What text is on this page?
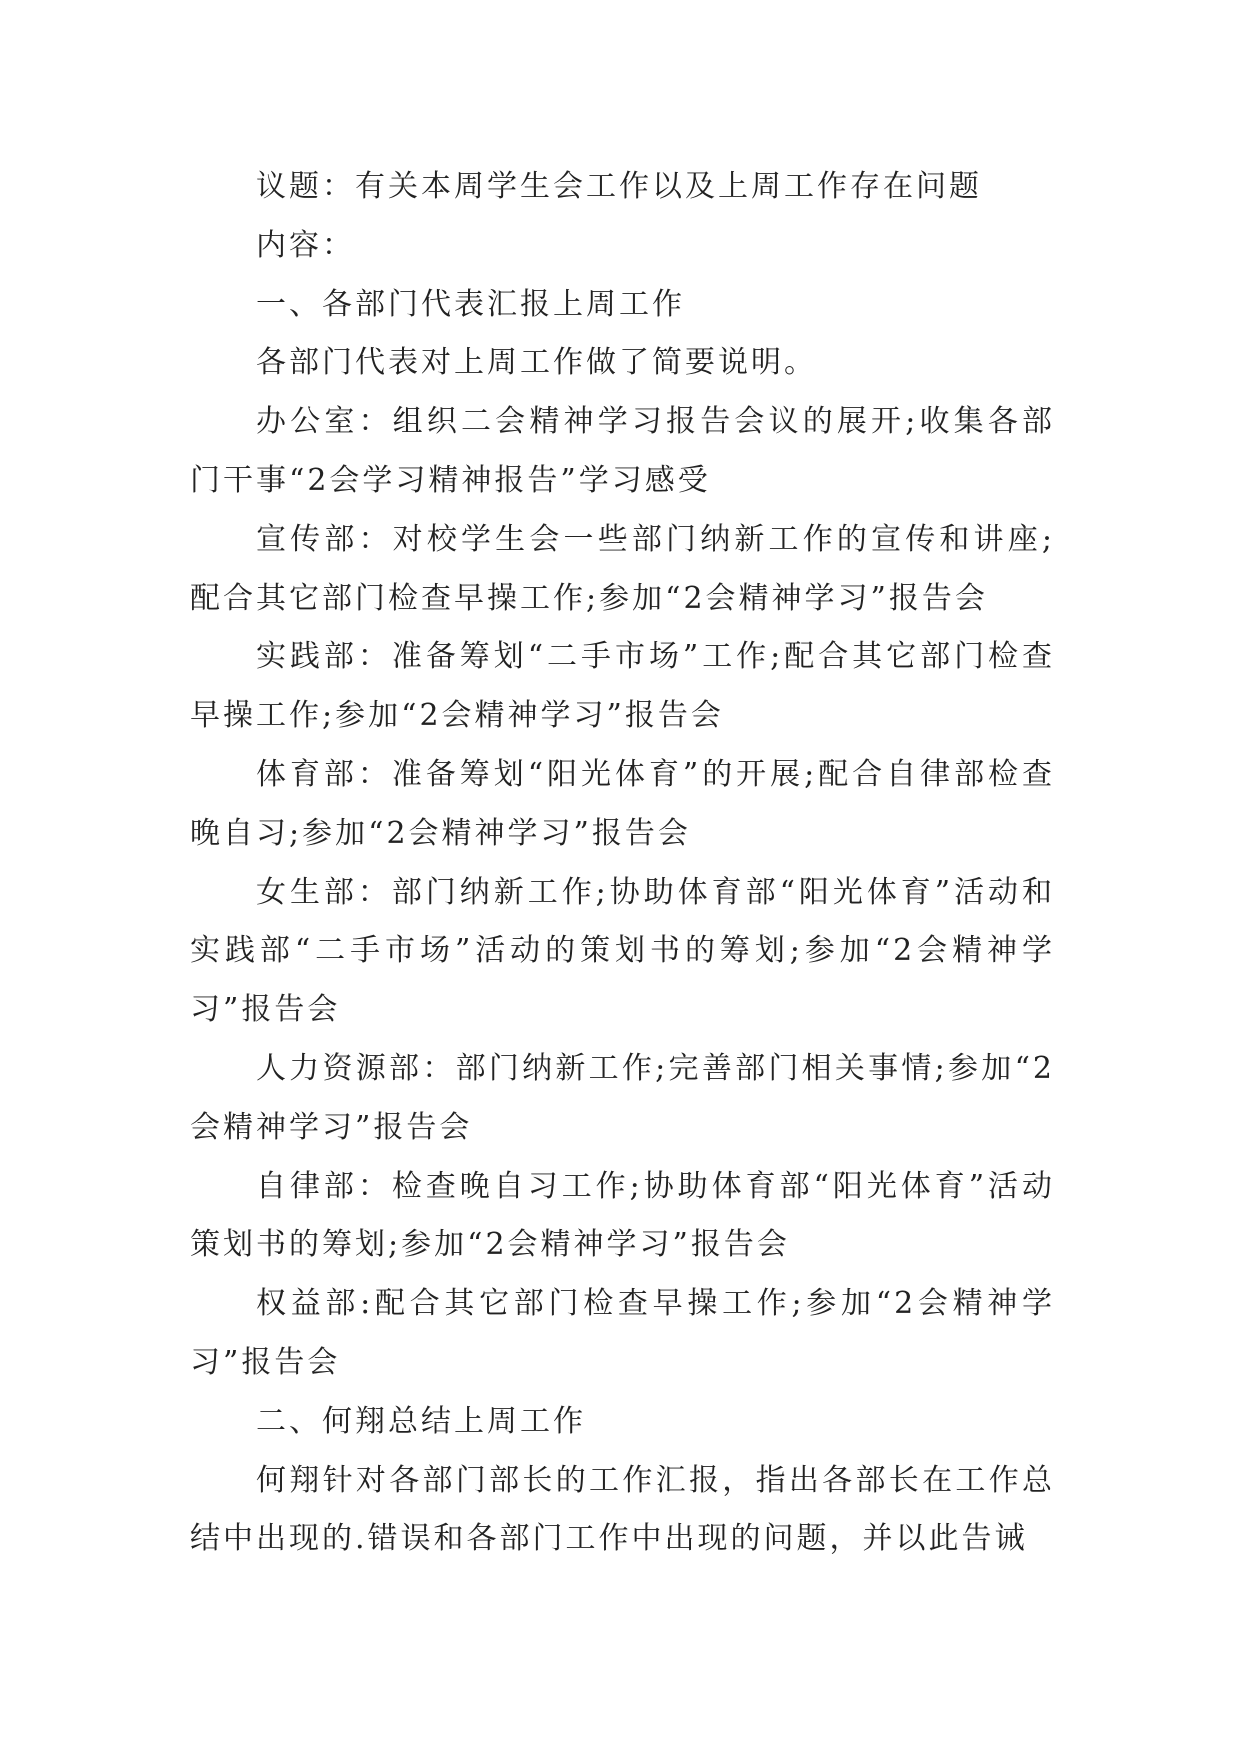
议题：有关本周学生会工作以及上周工作存在问题

内容：

一、各部门代表汇报上周工作

各部门代表对上周工作做了简要说明。

办公室：组织二会精神学习报告会议的展开;收集各部门干事“2会学习精神报告”学习感受

宣传部：对校学生会一些部门纳新工作的宣传和讲座;配合其它部门检查早操工作;参加“2会精神学习”报告会

实践部：准备筹划“二手市场”工作;配合其它部门检查早操工作;参加“2会精神学习”报告会

体育部：准备筹划“阳光体育”的开展;配合自律部检查晚自习;参加“2会精神学习”报告会

女生部：部门纳新工作;协助体育部“阳光体育”活动和实践部“二手市场”活动的策划书的筹划;参加“2会精神学习”报告会

人力资源部：部门纳新工作;完善部门相关事情;参加“2会精神学习”报告会

自律部：检查晚自习工作;协助体育部“阳光体育”活动策划书的筹划;参加“2会精神学习”报告会

权益部:配合其它部门检查早操工作;参加“2会精神学习”报告会

二、何翔总结上周工作

何翔针对各部门部长的工作汇报，指出各部长在工作总结中出现的.错误和各部门工作中出现的问题，并以此告诫
